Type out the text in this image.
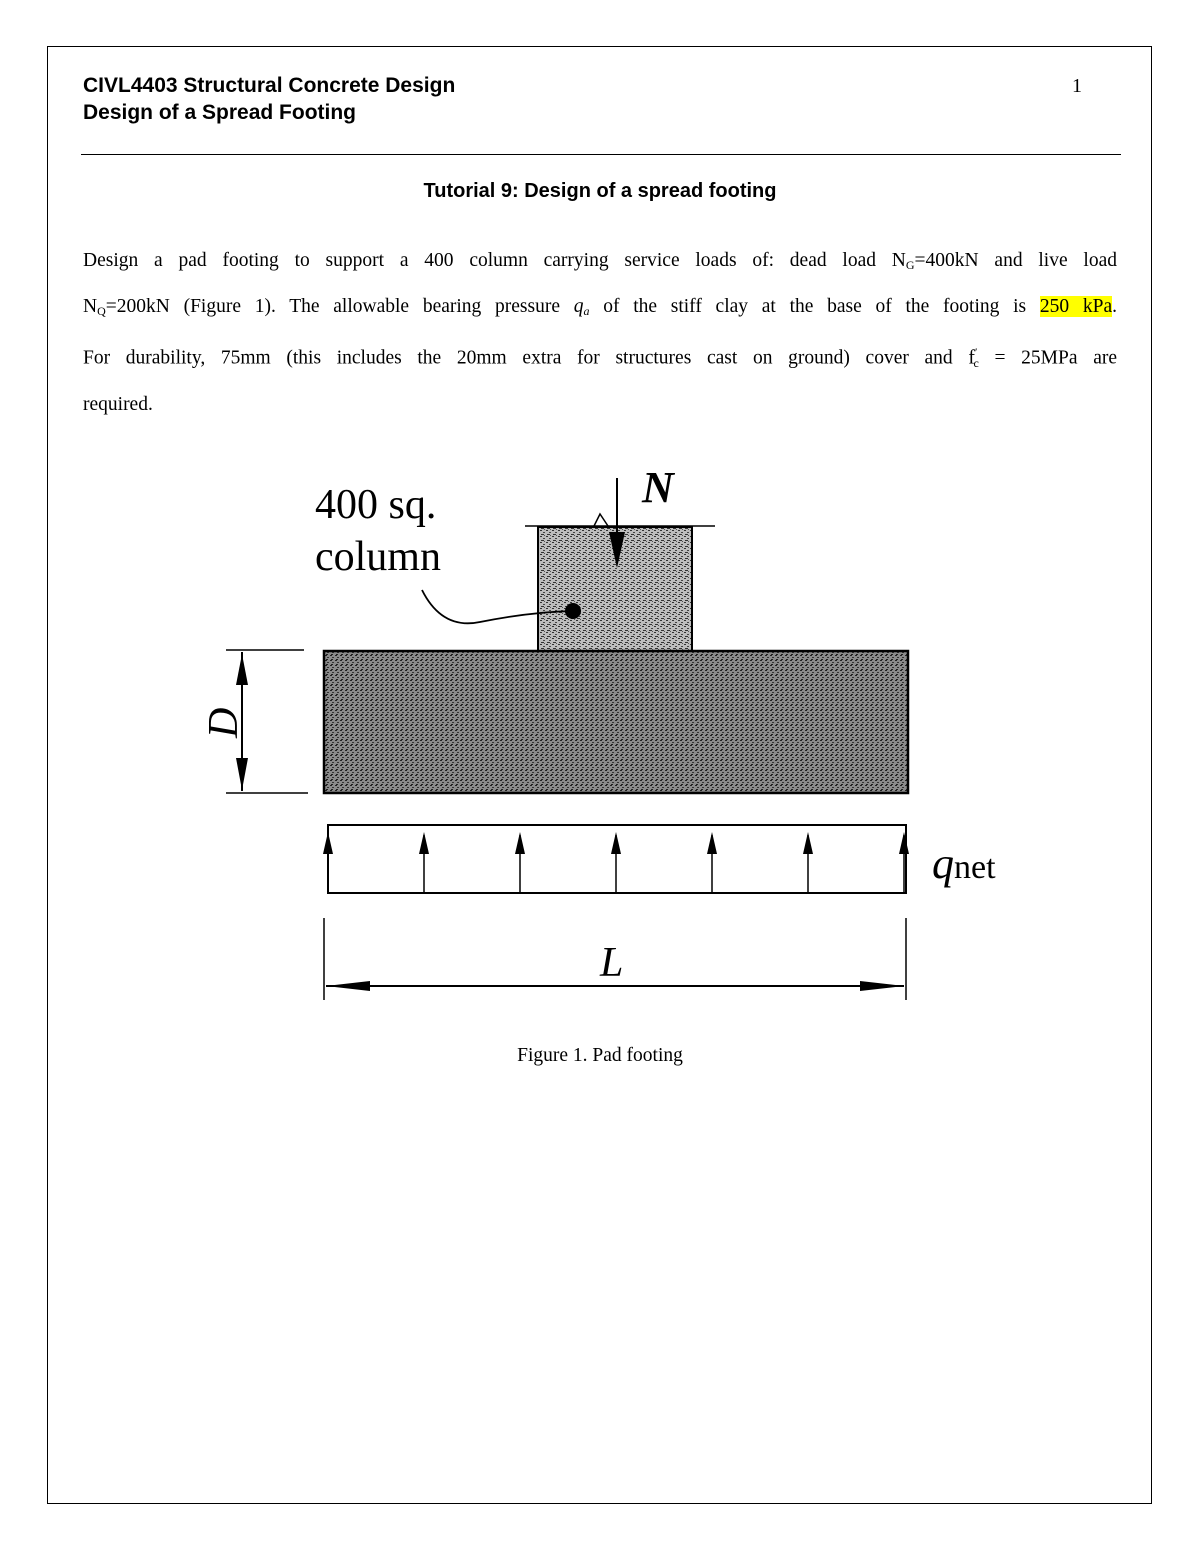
CIVL4403 Structural Concrete Design
Design of a Spread Footing
1
Tutorial 9: Design of a spread footing
Design a pad footing to support a 400 column carrying service loads of: dead load $N_G=400kN$ and live load
$N_Q=200kN$ (Figure 1). The allowable bearing pressure $q_a$ of the stiff clay at the base of the footing is 250 kPa.
For durability, 75mm (this includes the 20mm extra for structures cast on ground) cover and $f'_c = 25MPa$ are
required.
N
400 sq.
column
D
qnet
L
Figure 1. Pad footing
